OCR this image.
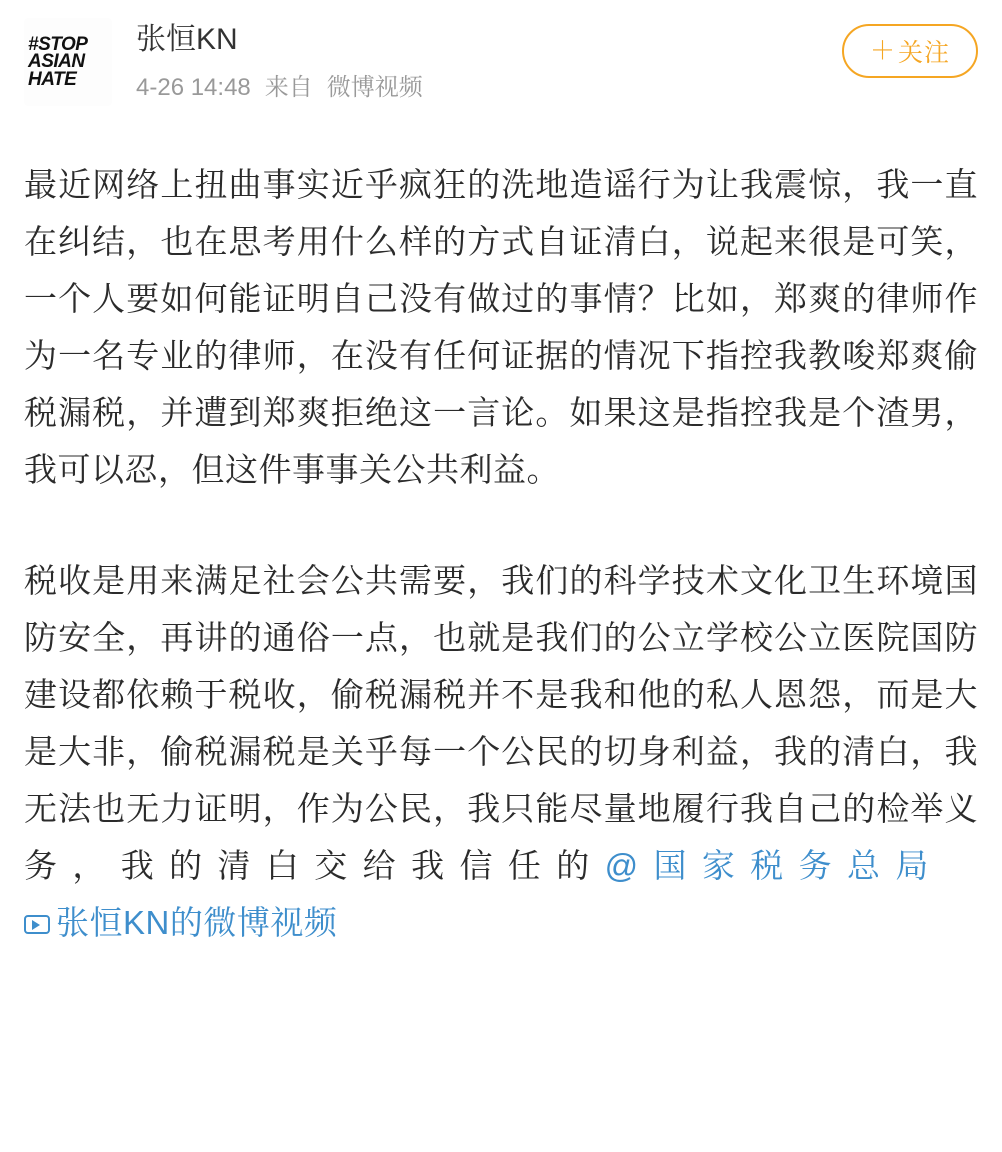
#STOP
ASIAN
HATE
张恒KN
4-26 14:48 来自 微博视频
＋ 关注

最近网络上扭曲事实近乎疯狂的洗地造谣行为让我震惊，我一直在纠结，也在思考用什么样的方式自证清白，说起来很是可笑，一个人要如何能证明自己没有做过的事情？比如，郑爽的律师作为一名专业的律师，在没有任何证据的情况下指控我教唆郑爽偷税漏税，并遭到郑爽拒绝这一言论。如果这是指控我是个渣男，我可以忍，但这件事事关公共利益。

税收是用来满足社会公共需要，我们的科学技术文化卫生环境国防安全，再讲的通俗一点，也就是我们的公立学校公立医院国防建设都依赖于税收，偷税漏税并不是我和他的私人恩怨，而是大是大非，偷税漏税是关乎每一个公民的切身利益，我的清白，我无法也无力证明，作为公民，我只能尽量地履行我自己的检举义务，我的清白交给我信任的@国家税务总局  张恒KN的微博视频
